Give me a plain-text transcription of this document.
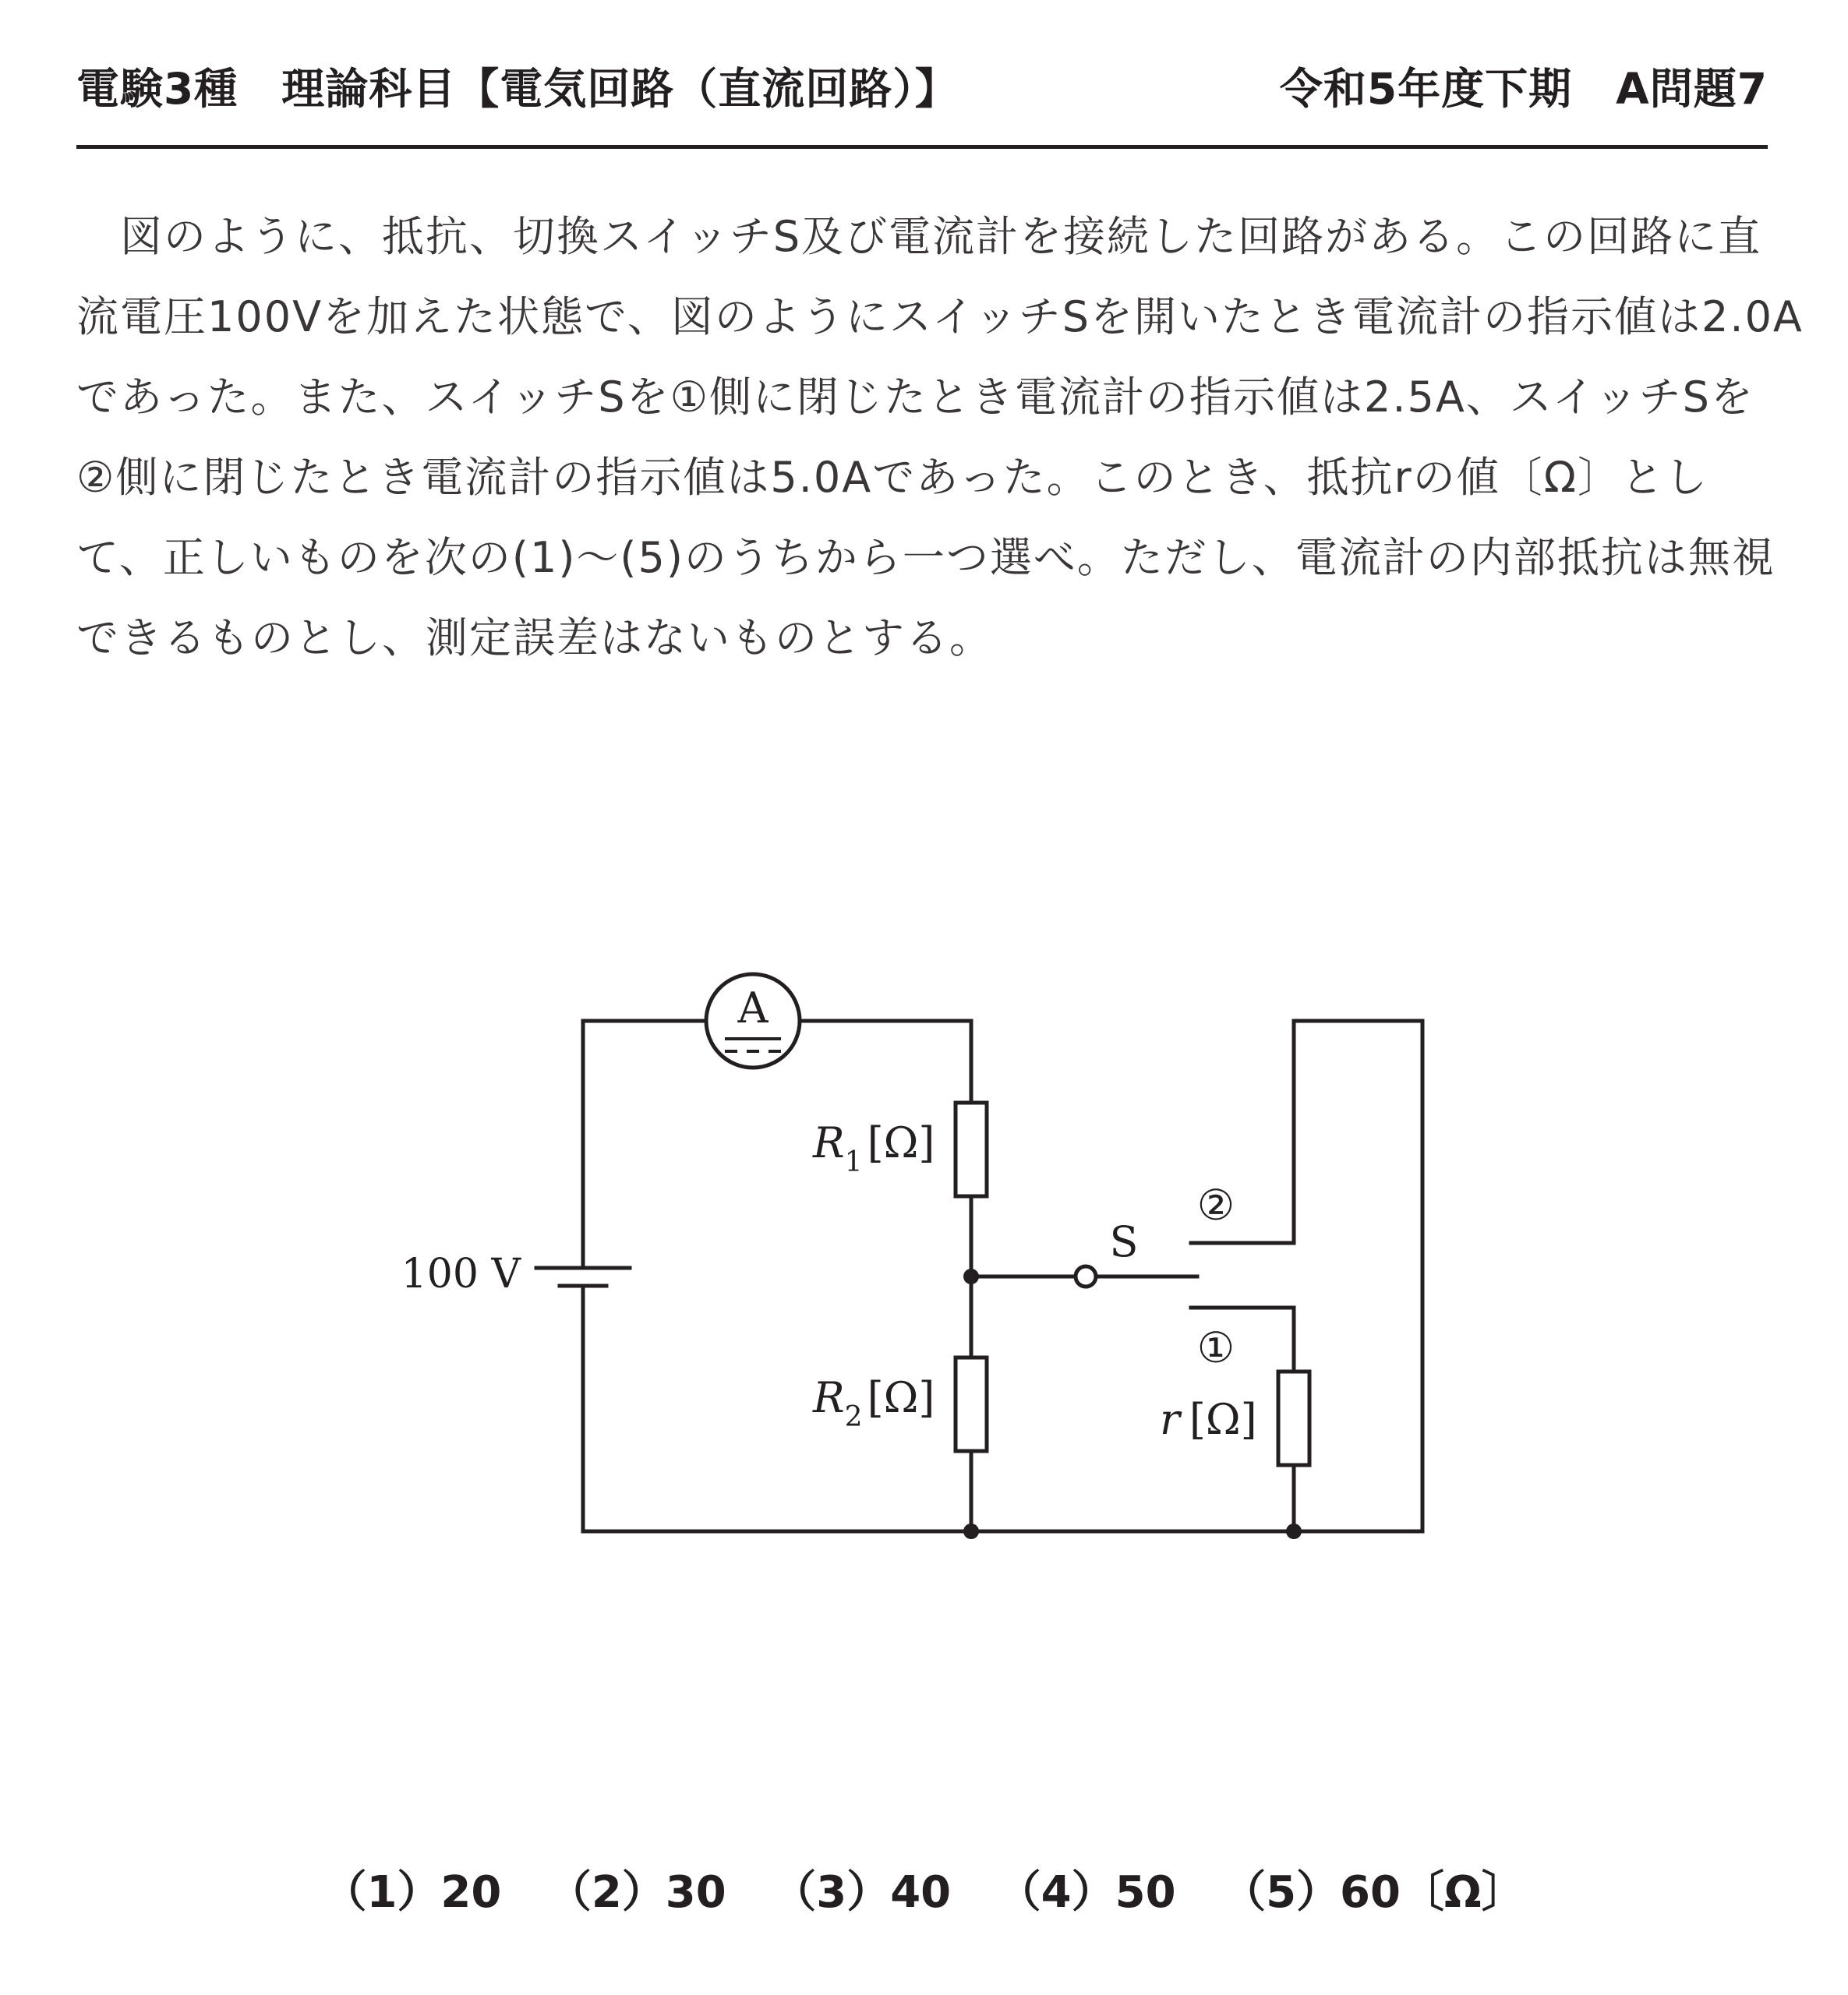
電験3種　理論科目【電気回路（直流回路）】	令和5年度下期　A問題7

　図のように、抵抗、切換スイッチS及び電流計を接続した回路がある。この回路に直
流電圧100Vを加えた状態で、図のようにスイッチSを開いたとき電流計の指示値は2.0A
であった。また、スイッチSを①側に閉じたとき電流計の指示値は2.5A、スイッチSを
②側に閉じたとき電流計の指示値は5.0Aであった。このとき、抵抗rの値〔Ω〕とし
て、正しいものを次の(1)～(5)のうちから一つ選べ。ただし、電流計の内部抵抗は無視
できるものとし、測定誤差はないものとする。

A
100 V
$R_1$ [Ω]
$R_2$ [Ω]	r [Ω]
S
②
①
（1）20 （2）30 （3）40 （4）50 （5）60〔Ω〕
